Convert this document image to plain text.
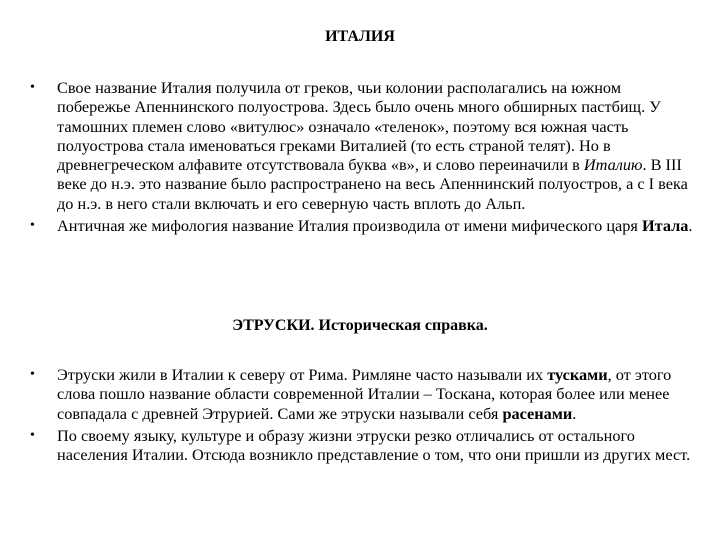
ИТАЛИЯ
• Свое название Италия получила от греков, чьи колонии располагались на южном побережье Апеннинского полуострова. Здесь было очень много обширных пастбищ. У тамошних племен слово «витулюс» означало «теленок», поэтому вся южная часть полуострова стала именоваться греками Виталией (то есть страной телят). Но в древнегреческом алфавите отсутствовала буква «в», и слово переиначили в Италию. В III веке до н.э. это название было распространено на весь Апеннинский полуостров, а с I века до н.э. в него стали включать и его северную часть вплоть до Альп.
• Античная же мифология название Италия производила от имени мифического царя Итала.
ЭТРУСКИ. Историческая справка.
• Этруски жили в Италии к северу от Рима. Римляне часто называли их тусками, от этого слова пошло название области современной Италии – Тоскана, которая более или менее совпадала с древней Этрурией. Сами же этруски называли себя расенами.
• По своему языку, культуре и образу жизни этруски резко отличались от остального населения Италии. Отсюда возникло представление о том, что они пришли из других мест.
